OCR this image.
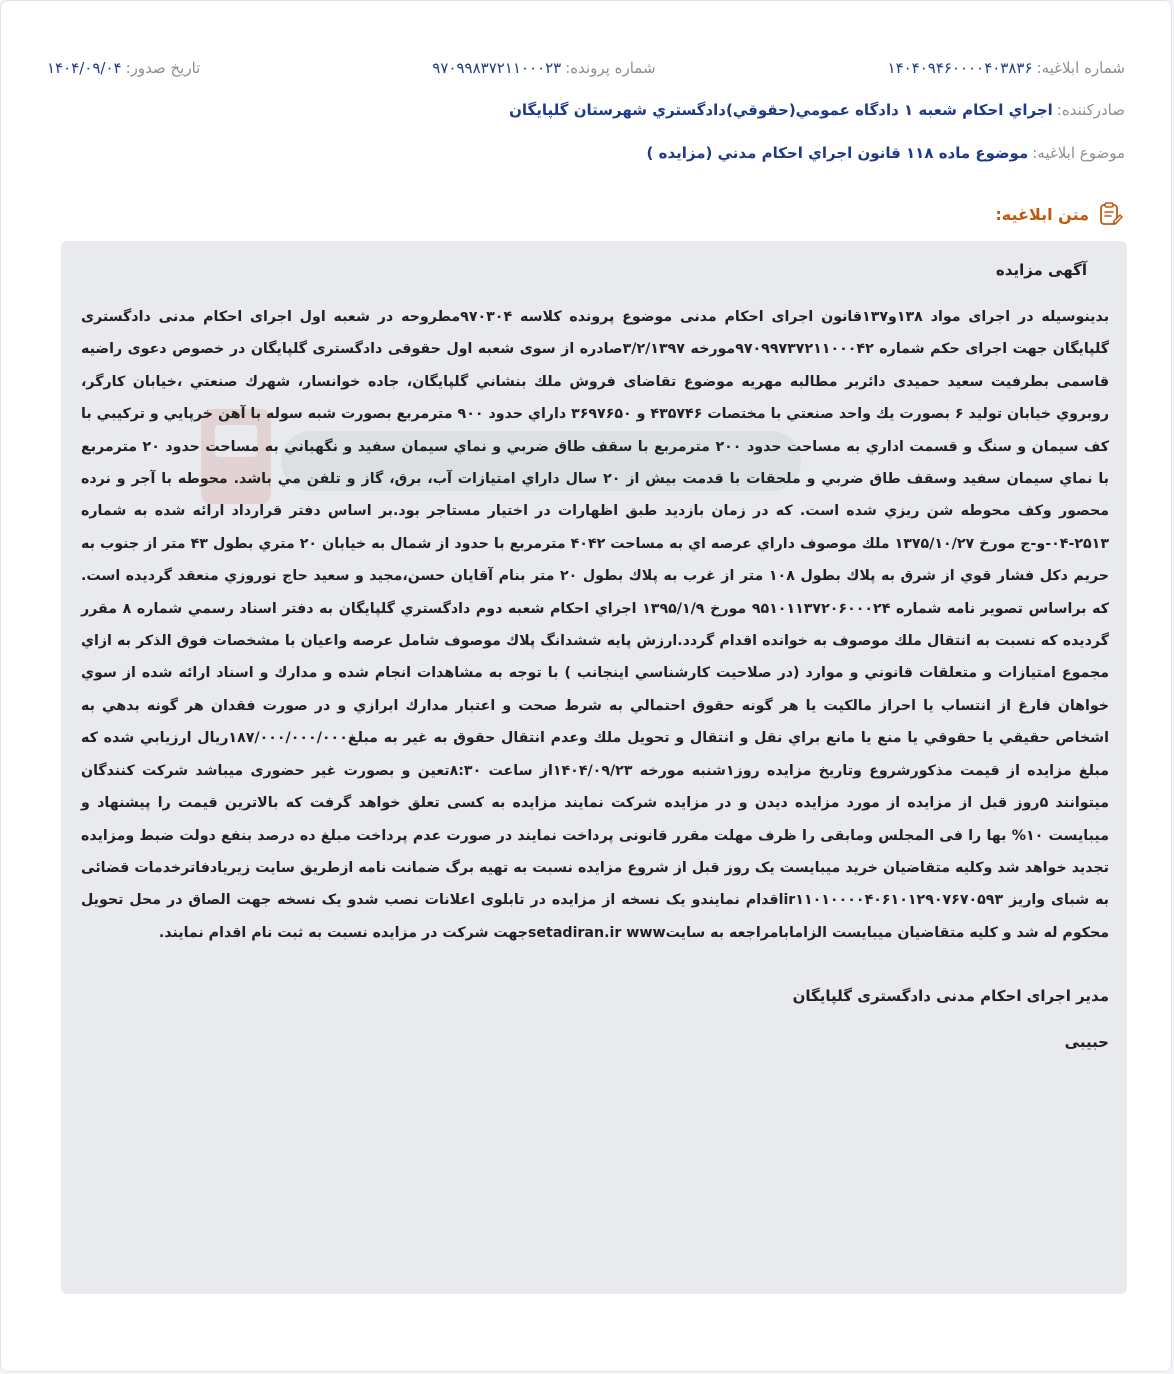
شماره ابلاغیه:
۱۴۰۴۰۹۴۶۰۰۰۰۴۰۳۸۳۶
شماره پرونده:
۹۷۰۹۹۸۳۷۲۱۱۰۰۰۲۳
تاریخ صدور:
۱۴۰۴/۰۹/۰۴
صادرکننده:
اجراي احکام شعبه ۱ دادگاه عمومي(حقوقي)دادگستري شهرستان گلپايگان
موضوع ابلاغیه:
موضوع ماده ۱۱۸ قانون اجراي احکام مدني (مزايده )
متن ابلاغیه:
آگهی مزایده

بدینوسیله در اجرای مواد ۱۳۸و۱۳۷قانون اجرای احکام مدنی موضوع پرونده کلاسه ۹۷۰۳۰۴مطروحه در شعبه اول اجرای احکام مدنی دادگستری گلپایگان جهت اجرای حکم شماره ۹۷۰۹۹۷۳۷۲۱۱۰۰۰۴۲مورخه ۳/۲/۱۳۹۷صادره از سوی شعبه اول حقوقی دادگستری گلپایگان در خصوص دعوی راضیه قاسمی بطرفیت سعید حمیدی دائربر مطالبه مهریه موضوع تقاضای فروش ملك بنشاني گلپايگان، جاده خوانسار، شهرك صنعتي ،خيابان كارگر، روبروي خيابان توليد ۶ بصورت يك واحد صنعتي با مختصات ۴۳۵۷۴۶ و ۳۶۹۷۶۵۰ داراي حدود ۹۰۰ مترمربع بصورت شبه سوله با آهن خرپايي و تركيبي با كف سيمان و سنگ و قسمت اداري به مساحت حدود ۲۰۰ مترمربع با سقف طاق ضربي و نماي سيمان سفيد و نگهباني به مساحت حدود ۲۰ مترمربع با نماي سيمان سفيد وسقف طاق ضربي و ملحقات با قدمت بيش از ۲۰ سال داراي امتيازات آب، برق، گاز و تلفن مي باشد. محوطه با آجر و نرده محصور وكف محوطه شن ريزي شده است. كه در زمان بازديد طبق اظهارات در اختيار مستاجر بود.بر اساس دفتر قرارداد ارائه شده به شماره ۲۵۱۳-۰۴-و-ج مورخ ۱۳۷۵/۱۰/۲۷ ملك موصوف داراي عرصه اي به مساحت ۴۰۴۲ مترمربع با حدود از شمال به خيابان ۲۰ متري بطول ۴۳ متر از جنوب به حريم دكل فشار قوي از شرق به پلاك بطول ۱۰۸ متر از غرب به پلاك بطول ۲۰ متر بنام آقايان حسن،مجيد و سعيد حاج نوروزي منعقد گرديده است. كه براساس تصوير نامه شماره ۹۵۱۰۱۱۳۷۲۰۶۰۰۰۲۴ مورخ ۱۳۹۵/۱/۹ اجراي احكام شعبه دوم دادگستري گلپايگان به دفتر اسناد رسمي شماره ۸ مقرر گرديده كه نسبت به انتقال ملك موصوف به خوانده اقدام گردد.ارزش پايه ششدانگ پلاك موصوف شامل عرصه واعيان با مشخصات فوق الذكر به ازاي مجموع امتيازات و متعلقات قانوني و موارد (در صلاحيت كارشناسي اينجانب ) با توجه به مشاهدات انجام شده و مدارك و اسناد ارائه شده از سوي خواهان فارغ از انتساب يا احراز مالكيت يا هر گونه حقوق احتمالي به شرط صحت و اعتبار مدارك ابرازي و در صورت فقدان هر گونه بدهي به اشخاص حقيقي يا حقوقي يا منع يا مانع براي نقل و انتقال و تحويل ملك وعدم انتقال حقوق به غير به مبلغ۱۸۷/۰۰۰/۰۰۰/۰۰۰ريال ارزيابي شده كه مبلغ مزايده از قيمت مذكورشروع وتاريخ مزايده روز۱شنبه مورخه ۱۴۰۴/۰۹/۲۳از ساعت ۸:۳۰تعین و بصورت غیر حضوری میباشد شرکت کنندگان میتوانند ۵روز قبل از مزایده از مورد مزایده دیدن و در مزایده شرکت نمایند مزایده به کسی تعلق خواهد گرفت که بالاترین قیمت را پیشنهاد و میبایست ۱۰% بها را فی المجلس ومابقی را ظرف مهلت مقرر قانونی پرداخت نمایند در صورت عدم پرداخت مبلغ ده درصد بنفع دولت ضبط ومزایده تجدید خواهد شد وکلیه متقاضیان خرید میبایست یک روز قبل از شروع مزایده نسبت به تهیه برگ ضمانت نامه ازطریق سایت زیریادفاترخدمات قضائی به شبای واریز ir۱۱۰۱۰۰۰۰۴۰۶۱۰۱۲۹۰۷۶۷۰۵۹۳اقدام نمایندو یک نسخه از مزایده در تابلوی اعلانات نصب شدو یک نسخه جهت الصاق در محل تحویل محکوم له شد و کلیه متقاضیان میبایست الزامابامراجعه به سایتsetadiran.ir wwwجهت شرکت در مزایده نسبت به ثبت نام اقدام نمایند.

مدیر اجرای احکام مدنی دادگستری گلپایگان
حبیبی
